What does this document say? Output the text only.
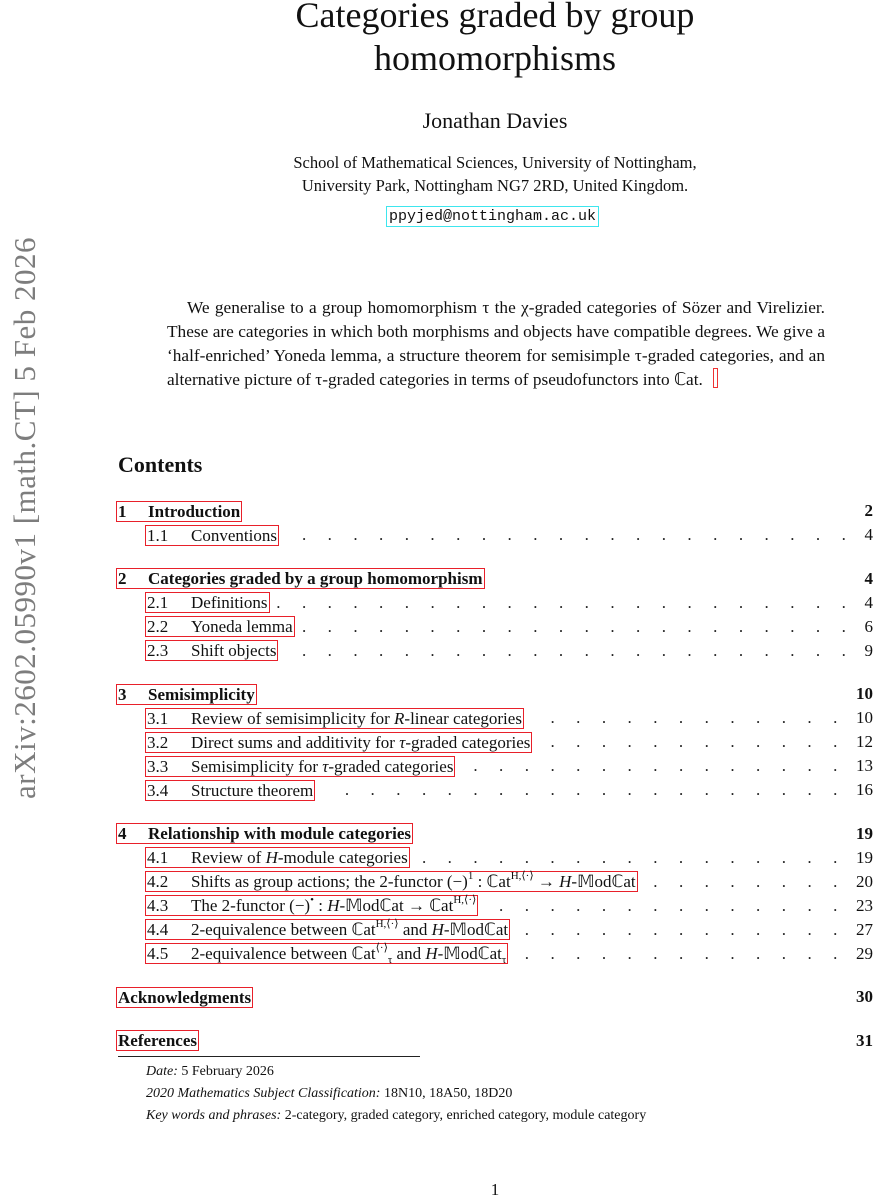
arXiv:2602.05990v1 [math.CT] 5 Feb 2026
Categories graded by group
homomorphisms
Jonathan Davies
School of Mathematical Sciences, University of Nottingham,
University Park, Nottingham NG7 2RD, United Kingdom.
ppyjed@nottingham.ac.uk
We generalise to a group homomorphism τ the χ-graded categories of Sözer and Virelizier. These are categories in which both morphisms and objects have compatible degrees. We give a ‘half-enriched’ Yoneda lemma, a structure theorem for semisimple τ-graded categories, and an alternative picture of τ-graded categories in terms of pseudofunctors into ℂat.
Contents
1 Introduction	2
1.1 Conventions	. . . . . . . . . . . . . . . . . . . . . . 4
2 Categories graded by a group homomorphism	4
2.1 Definitions . . . . . . . . . . . . . . . . . . . . . . . 4
2.2 Yoneda lemma . . . . . . . . . . . . . . . . . . . . . . 6
2.3 Shift objects	. . . . . . . . . . . . . . . . . . . . . . 9
3 Semisimplicity	10
3.1 Review of semisimplicity for R-linear categories	. . . . . . . . . . . . 10
3.2 Direct sums and additivity for τ-graded categories	. . . . . . . . . . . . 12
3.3 Semisimplicity for τ-graded categories	. . . . . . . . . . . . . . . 13
3.4 Structure theorem	. . . . . . . . . . . . . . . . . . . . 16
4 Relationship with module categories	19
4.1 Review of H-module categories . . . . . . . . . . . . . . . . . 19
4.2 Shifts as group actions; the 2-functor $(-)^1$ : ℂat$^{H,⟨\cdot⟩}$ → H-𝕄odℂat	. . . . . . . . 20
4.3 The 2-functor (−)• : H-𝕄odℂat → ℂat$^{H,⟨\cdot⟩}$	. . . . . . . . . . . . . . 23
4.4 2-equivalence between ℂat$^{H,⟨\cdot⟩}$ and H-𝕄odℂat . . . . . . . . . . . . . 27
4.5 2-equivalence between ℂat⟨·⟩$_\tau$ and H-𝕄odℂat$_\tau$	. . . . . . . . . . . . . 29
Acknowledgments	30
References	31
Date: 5 February 2026
2020 Mathematics Subject Classification: 18N10, 18A50, 18D20
Key words and phrases: 2-category, graded category, enriched category, module category
1
